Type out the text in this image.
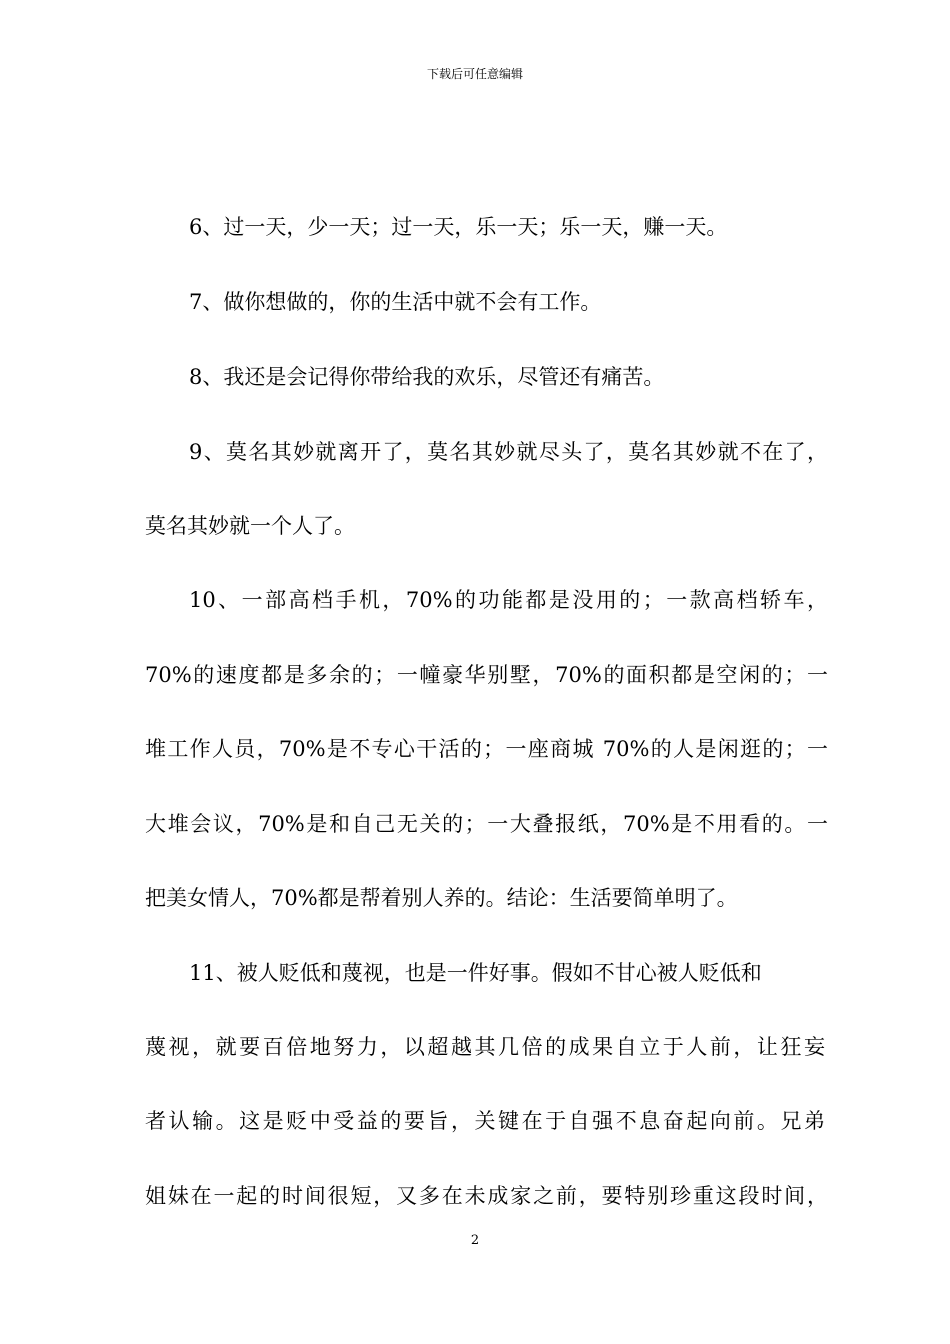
下载后可任意编辑
6、过一天，少一天；过一天，乐一天；乐一天，赚一天。
7、做你想做的，你的生活中就不会有工作。
8、我还是会记得你带给我的欢乐，尽管还有痛苦。
9、莫名其妙就离开了，莫名其妙就尽头了，莫名其妙就不在了，
莫名其妙就一个人了。
10、一部高档手机，70%的功能都是没用的；一款高档轿车，
70%的速度都是多余的；一幢豪华别墅，70%的面积都是空闲的；一
堆工作人员，70%是不专心干活的；一座商城 70%的人是闲逛的；一
大堆会议，70%是和自己无关的；一大叠报纸，70%是不用看的。一
把美女情人，70%都是帮着别人养的。结论：生活要简单明了。
11、被人贬低和蔑视，也是一件好事。假如不甘心被人贬低和
蔑视，就要百倍地努力，以超越其几倍的成果自立于人前，让狂妄
者认输。这是贬中受益的要旨，关键在于自强不息奋起向前。兄弟
姐妹在一起的时间很短，又多在未成家之前，要特别珍重这段时间，
2
